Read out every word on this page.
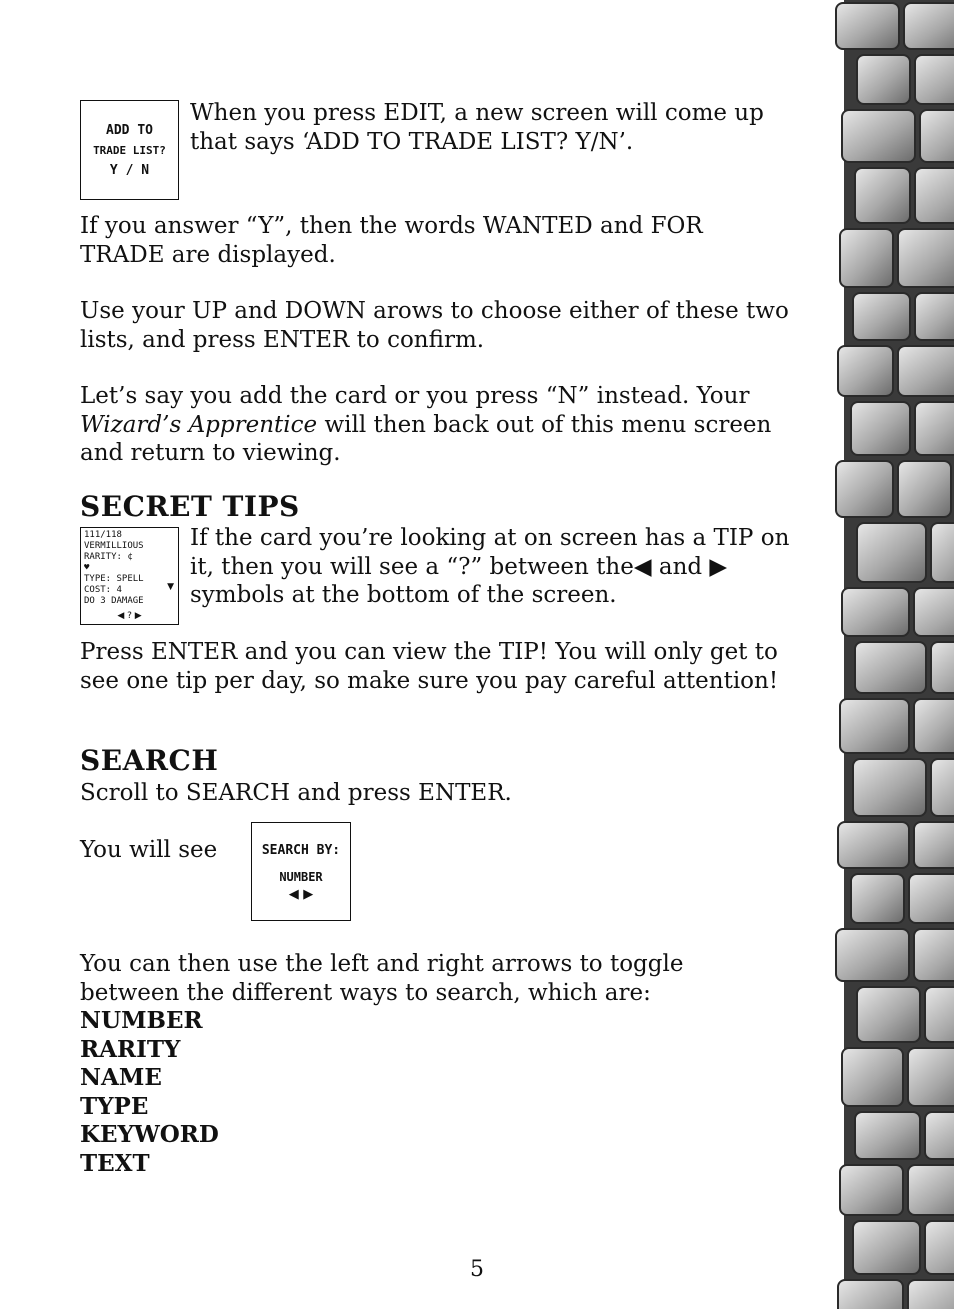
ADD TO
TRADE LIST?
Y / N

When you press EDIT, a new screen will come up that says ‘ADD TO TRADE LIST? Y/N’.

If you answer “Y”, then the words WANTED and FOR TRADE are displayed.

Use your UP and DOWN arows to choose either of these two lists, and press ENTER to confirm.

Let’s say you add the card or you press “N” instead. Your Wizard’s Apprentice will then back out of this menu screen and return to viewing.

SECRET TIPS
111/118
VERMILLIOUS
RARITY: ¢
♥
TYPE: SPELL
COST: 4
DO 3 DAMAGE
▼
◀ ? ▶

If the card you’re looking at on screen has a TIP on it, then you will see a “?” between the◀ and ▶ symbols at the bottom of the screen.

Press ENTER and you can view the TIP! You will only get to see one tip per day, so make sure you pay careful attention!

SEARCH

Scroll to SEARCH and press ENTER.

You will see	SEARCH BY:
NUMBER
◀ ▶

You can then use the left and right arrows to toggle between the different ways to search, which are:

NUMBER
RARITY
NAME
TYPE
KEYWORD
TEXT
5
